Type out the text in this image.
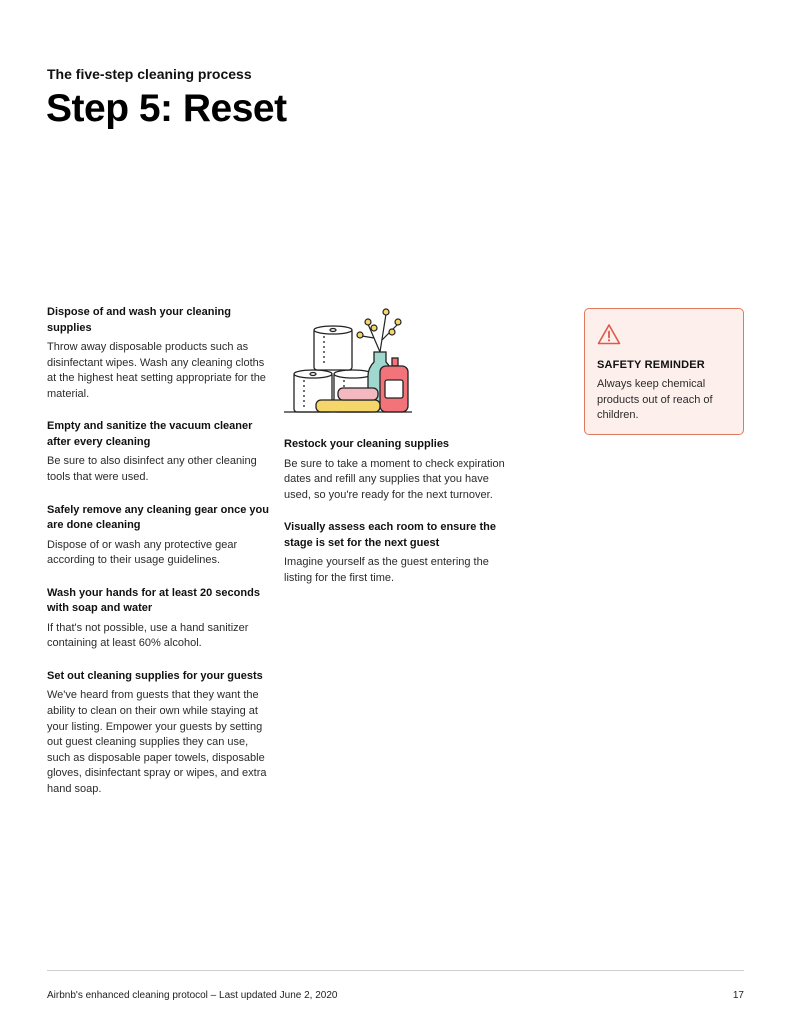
The five-step cleaning process
Step 5: Reset
Dispose of and wash your cleaning supplies

Throw away disposable products such as disinfectant wipes. Wash any cleaning cloths at the highest heat setting appropriate for the material.

Empty and sanitize the vacuum cleaner after every cleaning

Be sure to also disinfect any other cleaning tools that were used.

Safely remove any cleaning gear once you are done cleaning

Dispose of or wash any protective gear according to their usage guidelines.

Wash your hands for at least 20 seconds with soap and water

If that's not possible, use a hand sanitizer containing at least 60% alcohol.

Set out cleaning supplies for your guests

We've heard from guests that they want the ability to clean on their own while staying at your listing. Empower your guests by setting out guest cleaning supplies they can use, such as disposable paper towels, disposable gloves, disinfectant spray or wipes, and extra hand soap.

Restock your cleaning supplies

Be sure to take a moment to check expiration dates and refill any supplies that you have used, so you're ready for the next turnover.

Visually assess each room to ensure the stage is set for the next guest

Imagine yourself as the guest entering the listing for the first time.

SAFETY REMINDER

Always keep chemical products out of reach of children.

Airbnb's enhanced cleaning protocol – Last updated June 2, 2020	17
